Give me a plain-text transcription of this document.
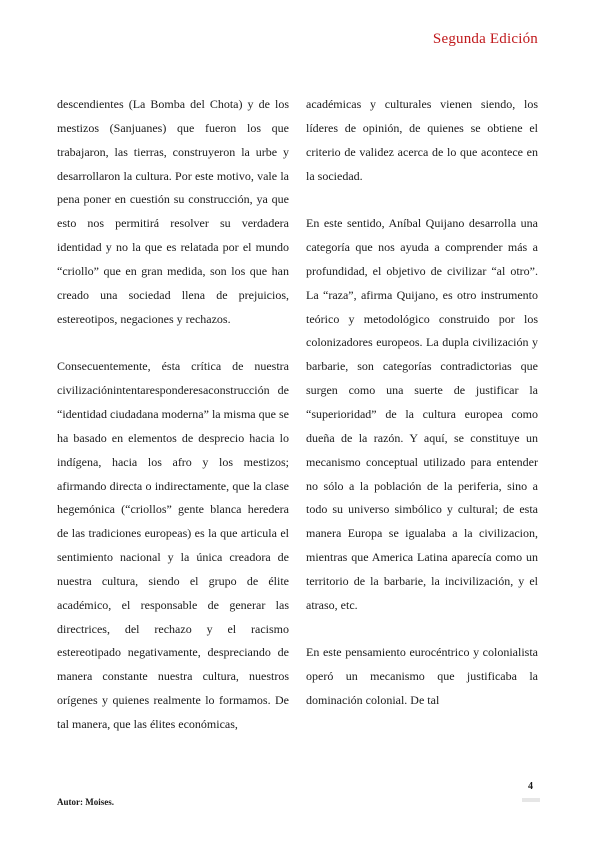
Segunda Edición

descendientes (La Bomba del Chota) y de los mestizos (Sanjuanes) que fueron los que trabajaron, las tierras, construyeron la urbe y desarrollaron la cultura. Por este motivo, vale la pena poner en cuestión su construcción, ya que esto nos permitirá resolver su verdadera identidad y no la que es relatada por el mundo “criollo” que en gran medida, son los que han creado una sociedad llena de prejuicios, estereotipos, negaciones y rechazos.

Consecuentemente, ésta crítica de nuestra civilizaciónintentaresponderesaconstrucción de “identidad ciudadana moderna” la misma que se ha basado en elementos de desprecio hacia lo indígena, hacia los afro y los mestizos; afirmando directa o indirectamente, que la clase hegemónica (“criollos” gente blanca heredera de las tradiciones europeas) es la que articula el sentimiento nacional y la única creadora de nuestra cultura, siendo el grupo de élite académico, el responsable de generar las directrices, del rechazo y el racismo estereotipado negativamente, despreciando de manera constante nuestra cultura, nuestros orígenes y quienes realmente lo formamos. De tal manera, que las élites económicas,

académicas y culturales vienen siendo, los líderes de opinión, de quienes se obtiene el criterio de validez acerca de lo que acontece en la sociedad.

En este sentido, Aníbal Quijano desarrolla una categoría que nos ayuda a comprender más a profundidad, el objetivo de civilizar “al otro”. La “raza”, afirma Quijano, es otro instrumento teórico y metodológico construido por los colonizadores europeos. La dupla civilización y barbarie, son categorías contradictorias que surgen como una suerte de justificar la “superioridad” de la cultura europea como dueña de la razón. Y aquí, se constituye un mecanismo conceptual utilizado para entender no sólo a la población de la periferia, sino a todo su universo simbólico y cultural; de esta manera Europa se igualaba a la civilizacion, mientras que America Latina aparecía como un territorio de la barbarie, la incivilización, y el atraso, etc.

En este pensamiento eurocéntrico y colonialista operó un mecanismo que justificaba la dominación colonial. De tal

4
Autor: Moises.
